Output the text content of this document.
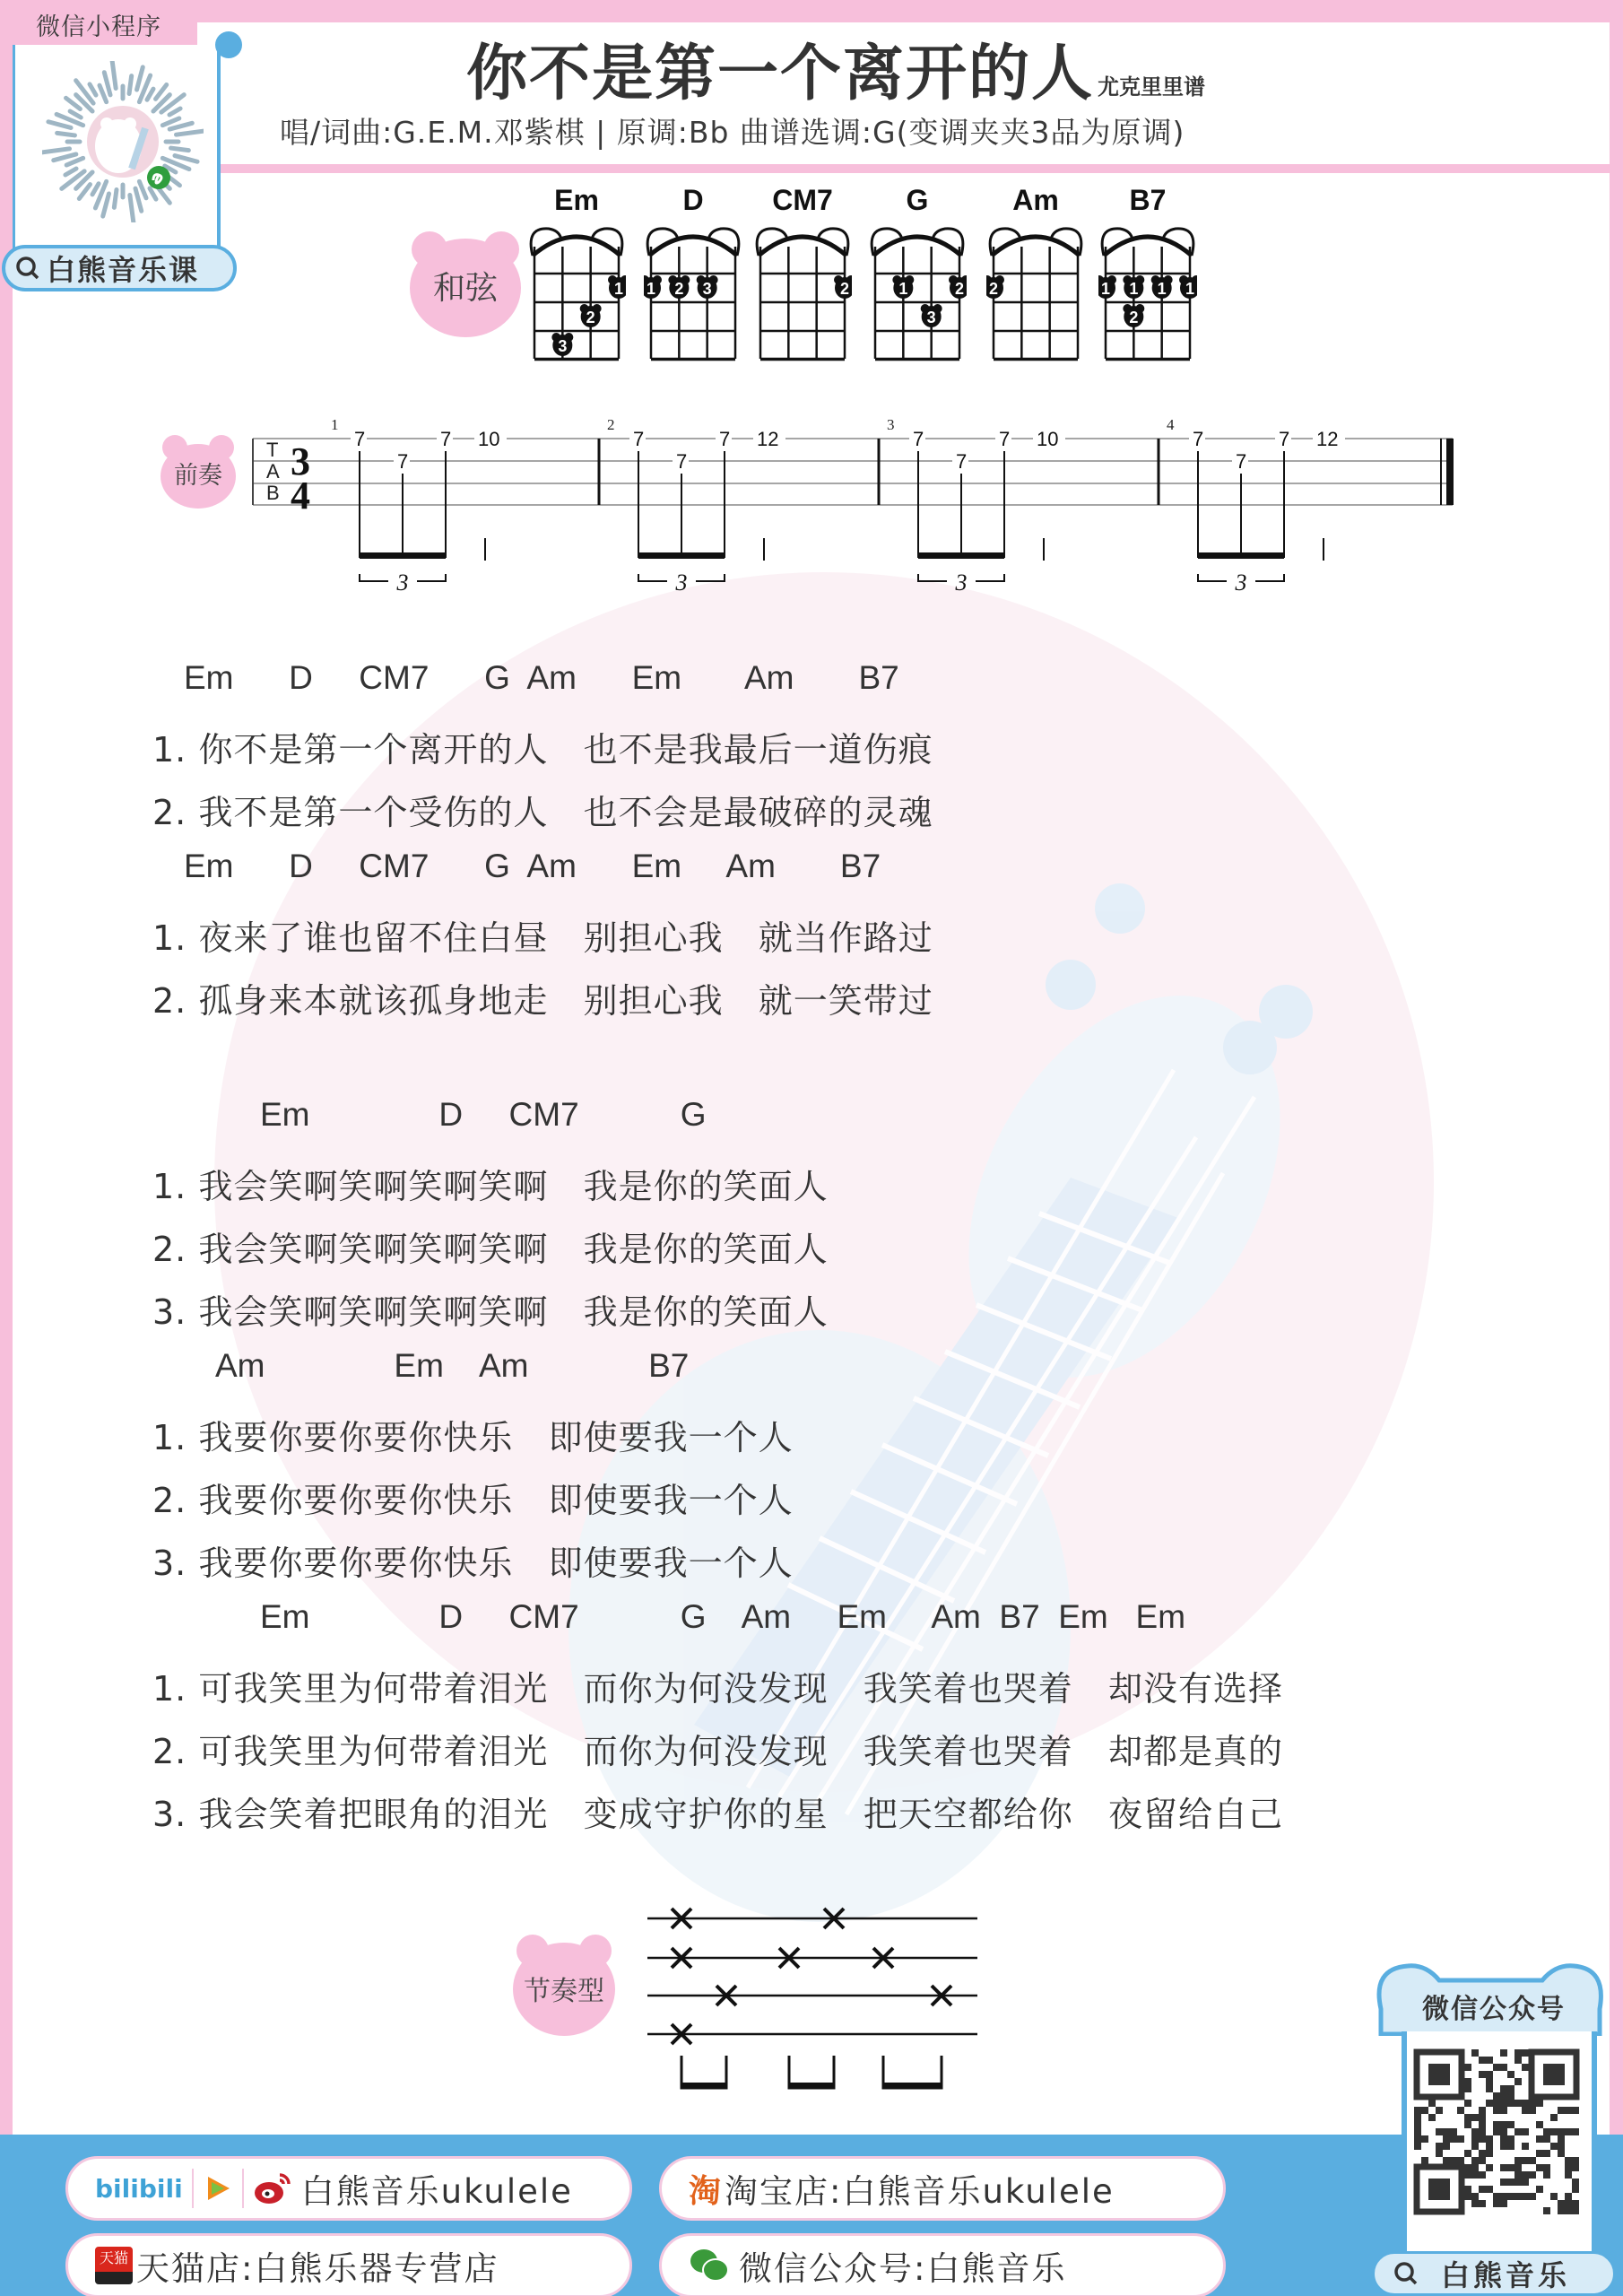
和弦
Em
1
2
3
D
1 2 3
CM7
2
G
1	2
3
Am
2
B7
1 1 1 1
2
前奏
T
A
B
3
4
1
7
7
7 10
3
2
7
7
7 12
3
3
7
7
7 10
3
4
7
7
7 12
3
Em      D     CM7      G  Am      Em       Am       B7
1. 你不是第一个离开的人   也不是我最后一道伤痕
2. 我不是第一个受伤的人   也不会是最破碎的灵魂
Em      D     CM7      G  Am      Em     Am       B7
1. 夜来了谁也留不住白昼   别担心我   就当作路过
2. 孤身来本就该孤身地走   别担心我   就一笑带过
Em              D     CM7           G
1. 我会笑啊笑啊笑啊笑啊   我是你的笑面人
2. 我会笑啊笑啊笑啊笑啊   我是你的笑面人
3. 我会笑啊笑啊笑啊笑啊   我是你的笑面人
Am              Em    Am             B7
1. 我要你要你要你快乐   即使要我一个人
2. 我要你要你要你快乐   即使要我一个人
3. 我要你要你要你快乐   即使要我一个人
Em              D     CM7           G    Am     Em     Am  B7  Em   Em
1. 可我笑里为何带着泪光   而你为何没发现   我笑着也哭着   却没有选择
2. 可我笑里为何带着泪光   而你为何没发现   我笑着也哭着   却都是真的
3. 我会笑着把眼角的泪光   变成守护你的星   把天空都给你   夜留给自己
节奏型
你不是第一个离开的人 尤克里里谱
唱/词曲:G.E.M.邓紫棋 | 原调:Bb 曲谱选调:G(变调夹夹3品为原调)
微信小程序
白熊音乐课
bilibili	白熊音乐ukulele	淘 淘宝店:白熊音乐ukulele
天猫 天猫店:白熊乐器专营店	微信公众号:白熊音乐
微信公众号
白熊音乐
